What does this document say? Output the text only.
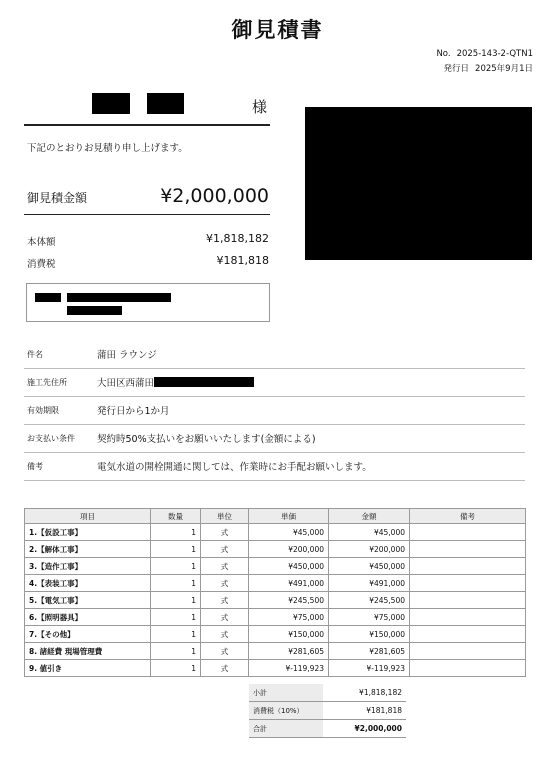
御見積書
No. 2025-143-2-QTN1
発行日 2025年9月1日
様
下記のとおりお見積り申し上げます。
御見積金額	¥2,000,000
本体額	¥1,818,182
消費税	¥181,818
件名	蒲田 ラウンジ
施工先住所	大田区西蒲田
有効期限	発行日から1か月
お支払い条件	契約時50%支払いをお願いいたします(金額による)
備考	電気水道の開栓開通に関しては、作業時にお手配お願いします。
項目	数量	単位	単価	金額	備考
1.【仮設工事】	1	式	¥45,000	¥45,000	
2.【解体工事】	1	式	¥200,000	¥200,000	
3.【造作工事】	1	式	¥450,000	¥450,000	
4.【表装工事】	1	式	¥491,000	¥491,000	
5.【電気工事】	1	式	¥245,500	¥245,500	
6.【照明器具】	1	式	¥75,000	¥75,000	
7.【その他】	1	式	¥150,000	¥150,000	
8. 諸経費 現場管理費	1	式	¥281,605	¥281,605	
9. 値引き	1	式	¥-119,923	¥-119,923	
小計	¥1,818,182
消費税（10%）	¥181,818
合計	¥2,000,000
